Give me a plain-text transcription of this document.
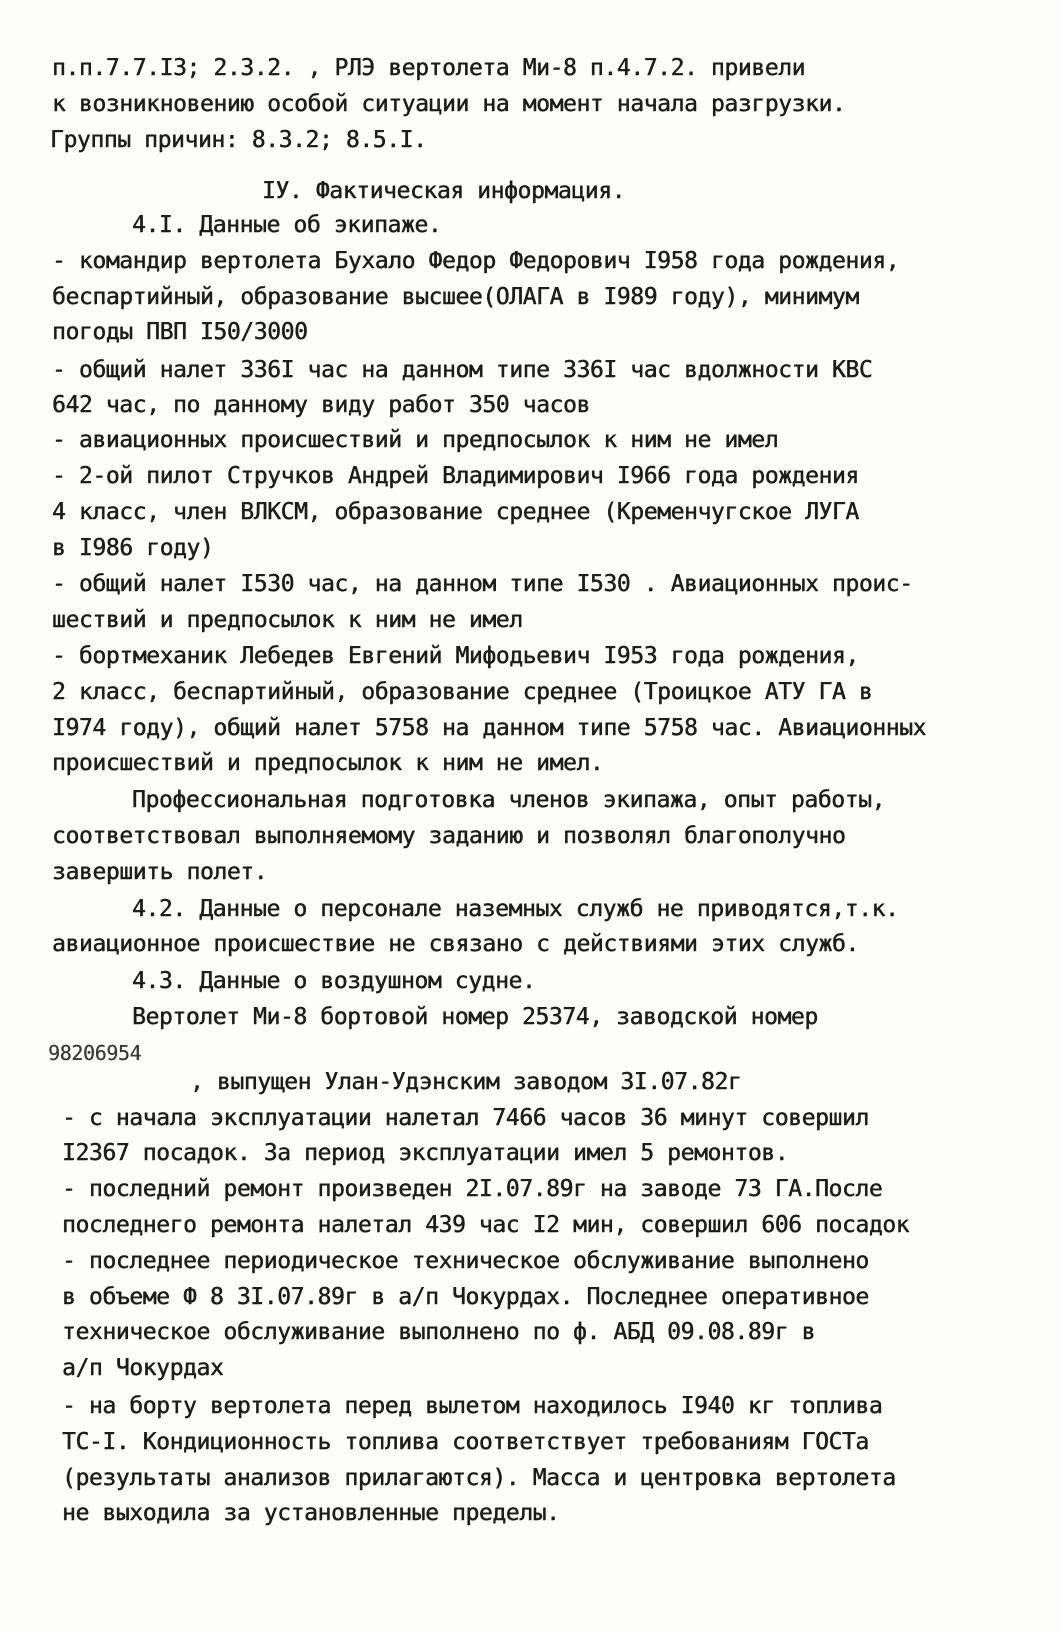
п.п.7.7.I3; 2.3.2. , РЛЭ вертолета Ми-8 п.4.7.2. привели
к возникновению особой ситуации на момент начала разгрузки.
Группы причин: 8.3.2; 8.5.I.
IУ. Фактическая информация.
4.I. Данные об экипаже.
- командир вертолета Бухало Федор Федорович I958 года рождения,
беспартийный, образование высшее(ОЛАГА в I989 году), минимум
погоды ПВП I50/3000
- общий налет 336I час на данном типе 336I час вдолжности КВС
642 час, по данному виду работ 350 часов
- авиационных происшествий и предпосылок к ним не имел
- 2-ой пилот Стручков Андрей Владимирович I966 года рождения
4 класс, член ВЛКСМ, образование среднее (Кременчугское ЛУГА
в I986 году)
- общий налет I530 час, на данном типе I530 . Авиационных проис-
шествий и предпосылок к ним не имел
- бортмеханик Лебедев Евгений Мифодьевич I953 года рождения,
2 класс, беспартийный, образование среднее (Троицкое АТУ ГА в
I974 году), общий налет 5758 на данном типе 5758 час. Авиационных
происшествий и предпосылок к ним не имел.
Профессиональная подготовка членов экипажа, опыт работы,
соответствовал выполняемому заданию и позволял благополучно
завершить полет.
4.2. Данные о персонале наземных служб не приводятся,т.к.
авиационное происшествие не связано с действиями этих служб.
4.3. Данные о воздушном судне.
Вертолет Ми-8 бортовой номер 25374, заводской номер
98206954
, выпущен Улан-Удэнским заводом 3I.07.82г
- с начала эксплуатации налетал 7466 часов 36 минут совершил
I2367 посадок. За период эксплуатации имел 5 ремонтов.
- последний ремонт произведен 2I.07.89г на заводе 73 ГА.После
последнего ремонта налетал 439 час I2 мин, совершил 606 посадок
- последнее периодическое техническое обслуживание выполнено
в объеме Ф 8 3I.07.89г в а/п Чокурдах. Последнее оперативное
техническое обслуживание выполнено по ф. АБД 09.08.89г в
а/п Чокурдах
- на борту вертолета перед вылетом находилось I940 кг топлива
ТС-I. Кондиционность топлива соответствует требованиям ГОСТа
(результаты анализов прилагаются). Масса и центровка вертолета
не выходила за установленные пределы.
